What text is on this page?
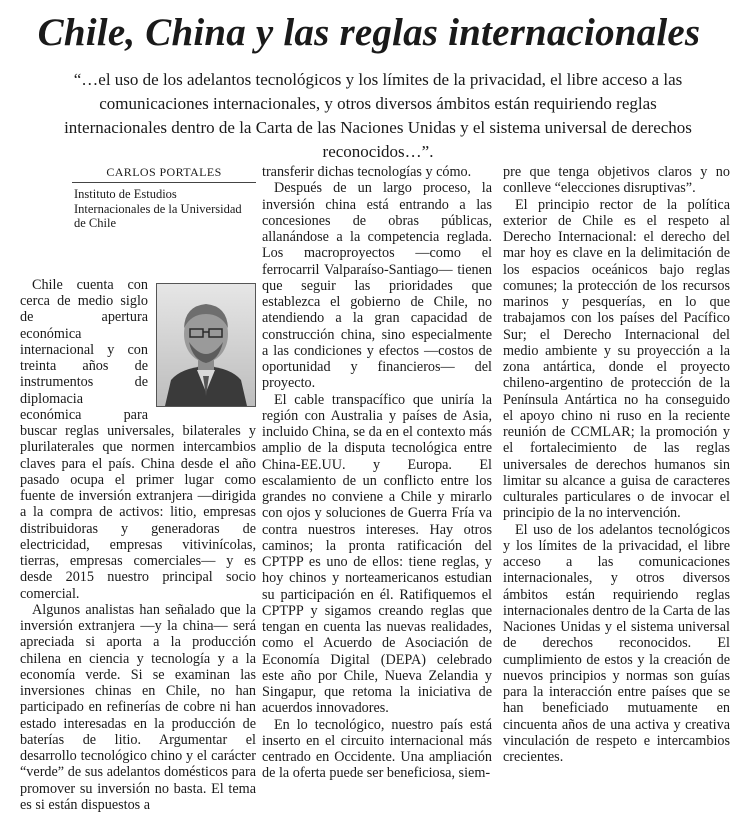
Chile, China y las reglas internacionales

“…el uso de los adelantos tecnológicos y los límites de la privacidad, el libre acceso a las comunicaciones internacionales, y otros diversos ámbitos están requiriendo reglas internacionales dentro de la Carta de las Naciones Unidas y el sistema universal de derechos reconocidos…”.

CARLOS PORTALES
Instituto de Estudios Internacionales de la Universidad de Chile

Chile cuenta con cerca de medio siglo de apertura económica internacional y con treinta años de instrumentos de diplomacia económica para buscar reglas universales, bilaterales y plurilaterales que normen intercambios claves para el país. China desde el año pasado ocupa el primer lugar como fuente de inversión extranjera —dirigida a la compra de activos: litio, empresas distribuidoras y generadoras de electricidad, empresas vitivinícolas, tierras, empresas comerciales— y es desde 2015 nuestro principal socio comercial.

Algunos analistas han señalado que la inversión extranjera —y la china— será apreciada si aporta a la producción chilena en ciencia y tecnología y a la economía verde. Si se examinan las inversiones chinas en Chile, no han participado en refinerías de cobre ni han estado interesadas en la producción de baterías de litio. Argumentar el desarrollo tecnológico chino y el carácter “verde” de sus adelantos domésticos para promover su inversión no basta. El tema es si están dispuestos a

transferir dichas tecnologías y cómo.

Después de un largo proceso, la inversión china está entrando a las concesiones de obras públicas, allanándose a la competencia reglada. Los macroproyectos —como el ferrocarril Valparaíso-Santiago— tienen que seguir las prioridades que establezca el gobierno de Chile, no atendiendo a la gran capacidad de construcción china, sino especialmente a las condiciones y efectos —costos de oportunidad y financieros— del proyecto.

El cable transpacífico que uniría la región con Australia y países de Asia, incluido China, se da en el contexto más amplio de la disputa tecnológica entre China-EE.UU. y Europa. El escalamiento de un conflicto entre los grandes no conviene a Chile y mirarlo con ojos y soluciones de Guerra Fría va contra nuestros intereses. Hay otros caminos; la pronta ratificación del CPTPP es uno de ellos: tiene reglas, y hoy chinos y norteamericanos estudian su participación en él. Ratifiquemos el CPTPP y sigamos creando reglas que tengan en cuenta las nuevas realidades, como el Acuerdo de Asociación de Economía Digital (DEPA) celebrado este año por Chile, Nueva Zelandia y Singapur, que retoma la iniciativa de acuerdos innovadores.

En lo tecnológico, nuestro país está inserto en el circuito internacional más centrado en Occidente. Una ampliación de la oferta puede ser beneficiosa, siem-

pre que tenga objetivos claros y no conlleve “elecciones disruptivas”.

El principio rector de la política exterior de Chile es el respeto al Derecho Internacional: el derecho del mar hoy es clave en la delimitación de los espacios oceánicos bajo reglas comunes; la protección de los recursos marinos y pesquerías, en lo que trabajamos con los países del Pacífico Sur; el Derecho Internacional del medio ambiente y su proyección a la zona antártica, donde el proyecto chileno-argentino de protección de la Península Antártica no ha conseguido el apoyo chino ni ruso en la reciente reunión de CCMLAR; la promoción y el fortalecimiento de las reglas universales de derechos humanos sin limitar su alcance a guisa de caracteres culturales particulares o de invocar el principio de la no intervención.

El uso de los adelantos tecnológicos y los límites de la privacidad, el libre acceso a las comunicaciones internacionales, y otros diversos ámbitos están requiriendo reglas internacionales dentro de la Carta de las Naciones Unidas y el sistema universal de derechos reconocidos. El cumplimiento de estos y la creación de nuevos principios y normas son guías para la interacción entre países que se han beneficiado mutuamente en cincuenta años de una activa y creativa vinculación de respeto e intercambios crecientes.
